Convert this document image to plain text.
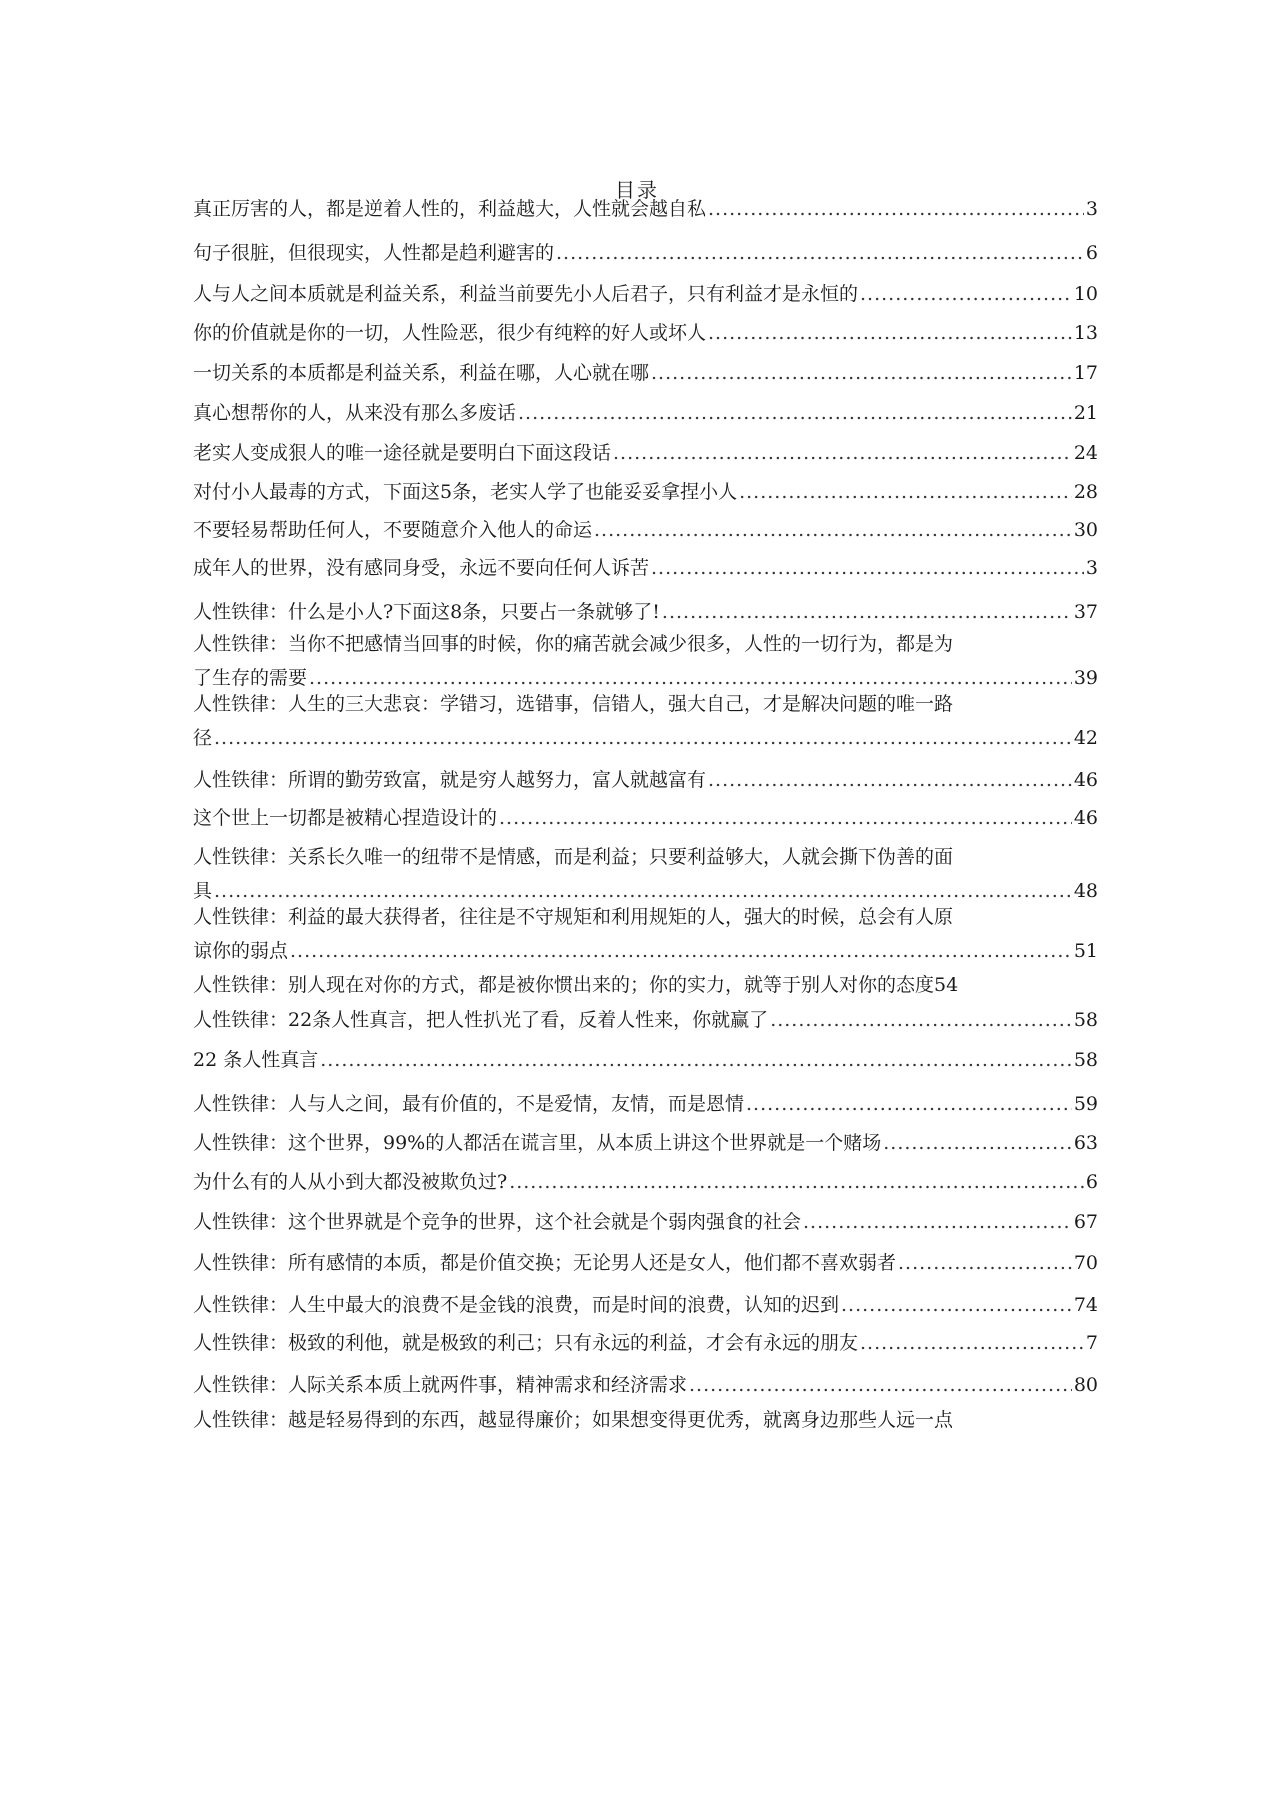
目录
真正厉害的人，都是逆着人性的，利益越大，人性就会越自私 .....	3
句子很脏，但很现实，人性都是趋利避害的 .....	6
人与人之间本质就是利益关系，利益当前要先小人后君子，只有利益才是永恒的 .....	10
你的价值就是你的一切，人性险恶，很少有纯粹的好人或坏人 .....	13
一切关系的本质都是利益关系，利益在哪，人心就在哪 .....	17
真心想帮你的人，从来没有那么多废话 .....	21
老实人变成狠人的唯一途径就是要明白下面这段话 .....	24
对付小人最毒的方式，下面这5条，老实人学了也能妥妥拿捏小人 .....	28
不要轻易帮助任何人，不要随意介入他人的命运 .....	30
成年人的世界，没有感同身受，永远不要向任何人诉苦 .....	3
人性铁律：什么是小人?下面这8条，只要占一条就够了! .....	37
人性铁律：当你不把感情当回事的时候，你的痛苦就会减少很多，人性的一切行为，都是为
了生存的需要 .....	39
人性铁律：人生的三大悲哀：学错习，选错事，信错人，强大自己，才是解决问题的唯一路
径 .....	42
人性铁律：所谓的勤劳致富，就是穷人越努力，富人就越富有 .....	46
这个世上一切都是被精心捏造设计的 .....	46
人性铁律：关系长久唯一的纽带不是情感，而是利益；只要利益够大，人就会撕下伪善的面
具 .....	48
人性铁律：利益的最大获得者，往往是不守规矩和利用规矩的人，强大的时候，总会有人原
谅你的弱点 .....	51
人性铁律：别人现在对你的方式，都是被你惯出来的；你的实力，就等于别人对你的态度 54
人性铁律：22条人性真言，把人性扒光了看，反着人性来，你就赢了 .....	58
22 条人性真言 .....	58
人性铁律：人与人之间，最有价值的，不是爱情，友情，而是恩情 .....	59
人性铁律：这个世界，99%的人都活在谎言里，从本质上讲这个世界就是一个赌场 .....	63
为什么有的人从小到大都没被欺负过? .....	6
人性铁律：这个世界就是个竞争的世界，这个社会就是个弱肉强食的社会 .....	67
人性铁律：所有感情的本质，都是价值交换；无论男人还是女人，他们都不喜欢弱者 .....	70
人性铁律：人生中最大的浪费不是金钱的浪费，而是时间的浪费，认知的迟到 .....	74
人性铁律：极致的利他，就是极致的利己；只有永远的利益，才会有永远的朋友 .....	7
人性铁律：人际关系本质上就两件事，精神需求和经济需求 .....	80
人性铁律：越是轻易得到的东西，越显得廉价；如果想变得更优秀，就离身边那些人远一点
